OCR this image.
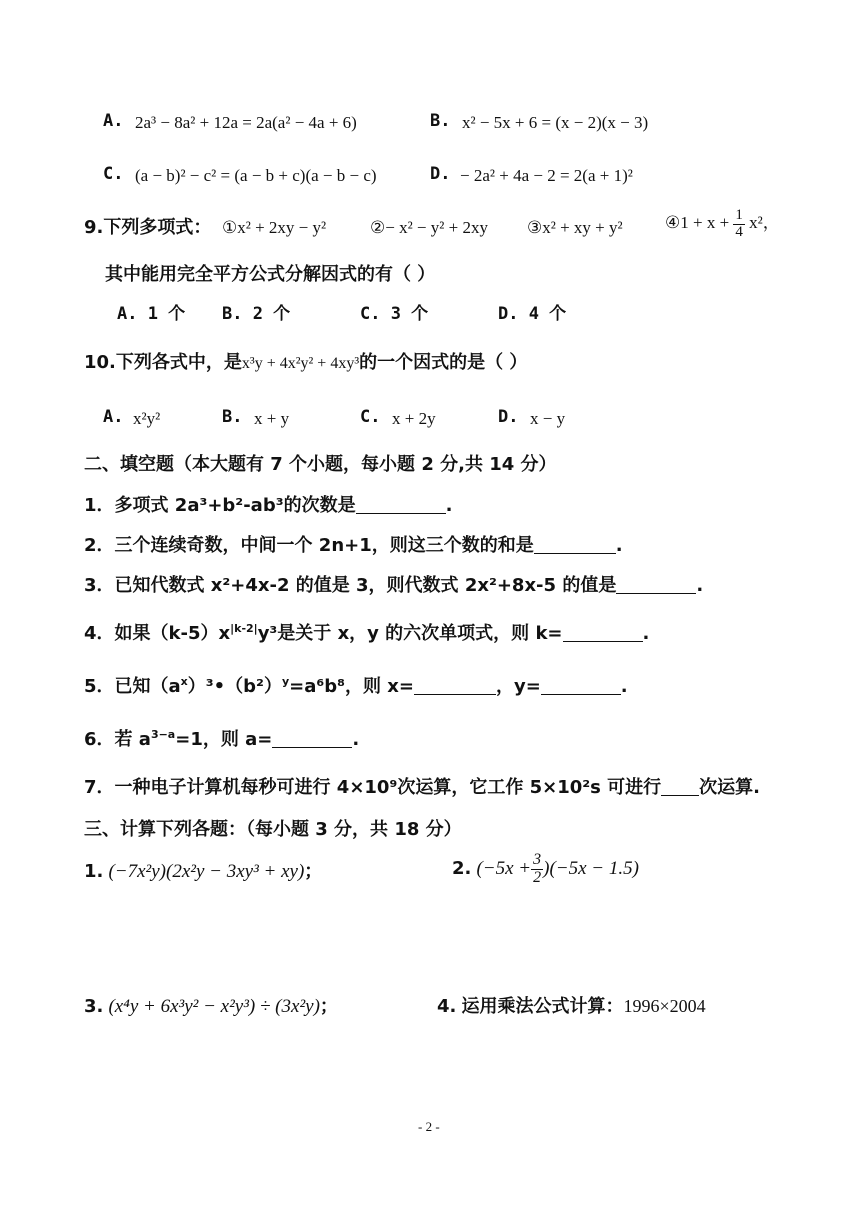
A. 2a³ − 8a² + 12a = 2a(a² − 4a + 6)	B. x² − 5x + 6 = (x − 2)(x − 3)
C. (a − b)² − c² = (a − b + c)(a − b − c)	D. − 2a² + 4a − 2 = 2(a + 1)²
9.下列多项式： ①x² + 2xy − y²	②− x² − y² + 2xy ③x² + xy + y² ④1 + $x + \frac{1}{4} x^2$，
其中能用完全平方公式分解因式的有（ ）
A. 1 个 B. 2 个	C. 3 个	D. 4 个
10.下列各式中，是x³y + 4x²y² + 4xy³的一个因式的是（ ）
A. x²y²	B. x + y	C. x + 2y	D. x − y
二、填空题（本大题有 7 个小题，每小题 2 分,共 14 分）
1．多项式 2a³+b²-ab³的次数是	.
2．三个连续奇数，中间一个 2n+1，则这三个数的和是	.
3．已知代数式 x²+4x-2 的值是 3，则代数式 2x²+8x-5 的值是	.
4．如果$(k-5)x^{|k-2|}y^3$是关于 x，y 的六次单项式，则 k=	.
5．已知$(a^x)^3•(b^2)^y=a^6b^8$，则 x=	，y=	.
6．若 $a^{3-a}=1$，则 a=	.
7．一种电子计算机每秒可进行 4×10⁹次运算，它工作 5×10²s 可进行 次运算.
三、计算下列各题：（每小题 3 分，共 18 分）
1. (−7x²y)(2x²y − 3xy³ + xy)；	2. $(-5x + \frac{3}{2} )(-5x - 1.5)$
3. (x⁴y + 6x³y² − x²y³) ÷ (3x²y)；	4. 运用乘法公式计算：1996×2004
- 2 -
